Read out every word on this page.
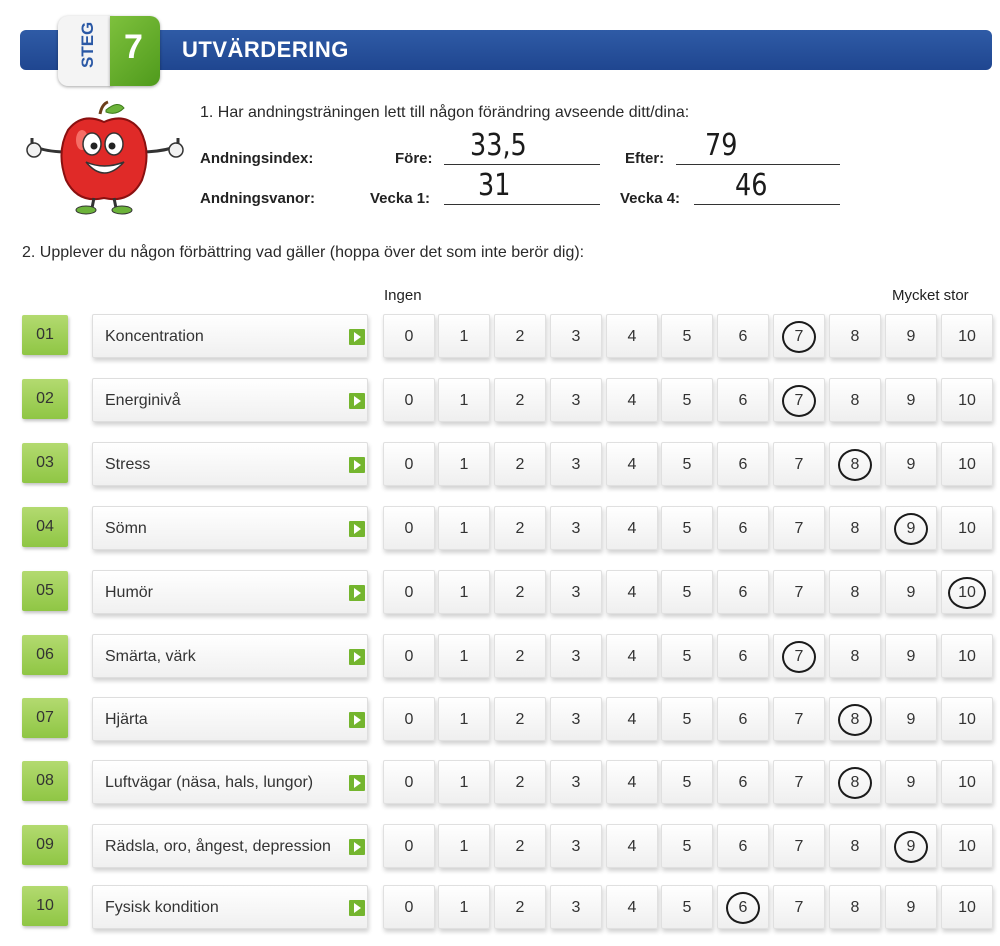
UTVÄRDERING
STEG 7
1. Har andningsträningen lett till någon förändring avseende ditt/dina:
Andningsindex:	Före: 33,5	Efter: 79
Andningsvanor:	Vecka 1: 31	Vecka 4: 46
2. Upplever du någon förbättring vad gäller (hoppa över det som inte berör dig):
Ingen	Mycket stor
01	Koncentration	0	1	2	3	4	5	6	7	8	9	10
02	Energinivå	0	1	2	3	4	5	6	7	8	9	10
03	Stress	0	1	2	3	4	5	6	7	8	9	10
04	Sömn	0	1	2	3	4	5	6	7	8	9	10
05	Humör	0	1	2	3	4	5	6	7	8	9	10
06	Smärta, värk	0	1	2	3	4	5	6	7	8	9	10
07	Hjärta	0	1	2	3	4	5	6	7	8	9	10
08	Luftvägar (näsa, hals, lungor)	0	1	2	3	4	5	6	7	8	9	10
09	Rädsla, oro, ångest, depression	0	1	2	3	4	5	6	7	8	9	10
10	Fysisk kondition	0	1	2	3	4	5	6	7	8	9	10
